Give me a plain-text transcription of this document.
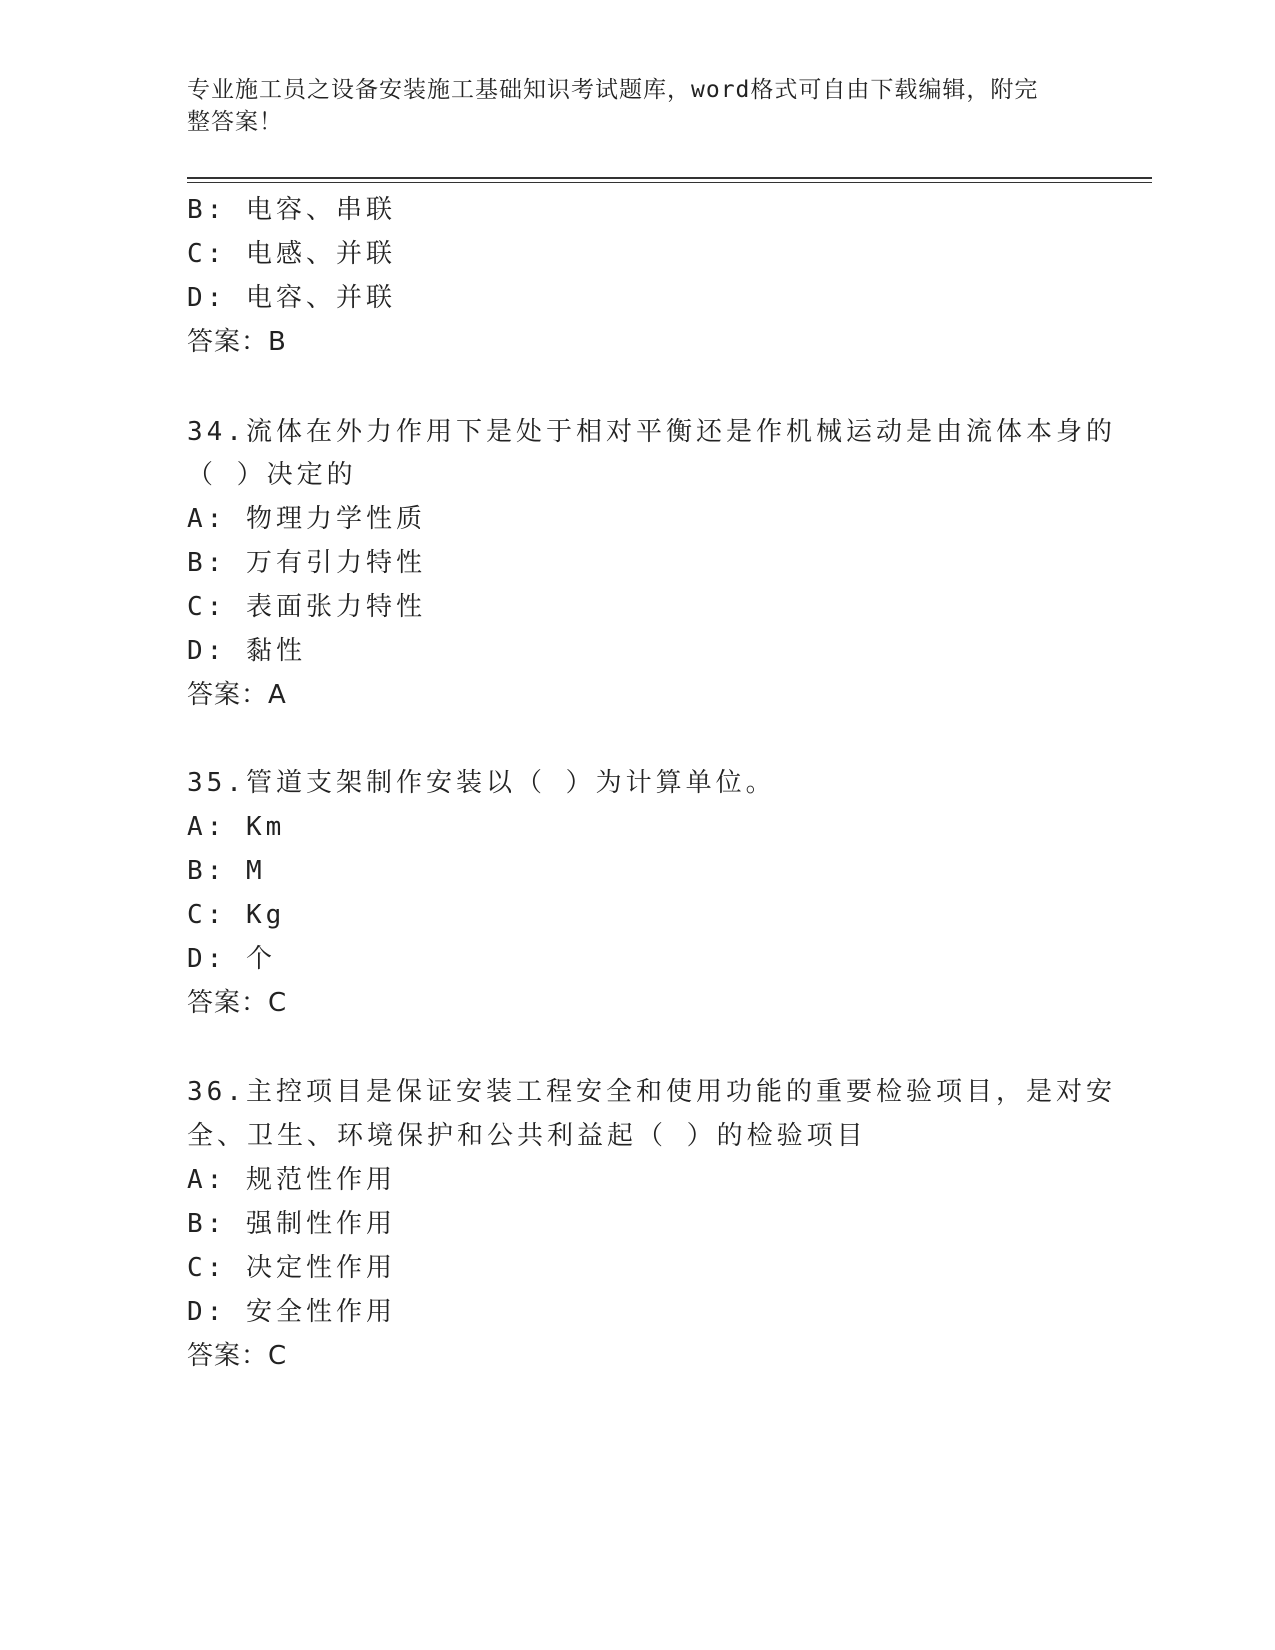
专业施工员之设备安装施工基础知识考试题库，word格式可自由下载编辑，附完
整答案！
B: 电容、串联
C: 电感、并联
D: 电容、并联
答案：B
34.流体在外力作用下是处于相对平衡还是作机械运动是由流体本身的
（ ）决定的
A: 物理力学性质
B: 万有引力特性
C: 表面张力特性
D: 黏性
答案：A
35.管道支架制作安装以（ ）为计算单位。
A: Km
B: M
C: Kg
D: 个
答案：C
36.主控项目是保证安装工程安全和使用功能的重要检验项目，是对安
全、卫生、环境保护和公共利益起（ ）的检验项目
A: 规范性作用
B: 强制性作用
C: 决定性作用
D: 安全性作用
答案：C
